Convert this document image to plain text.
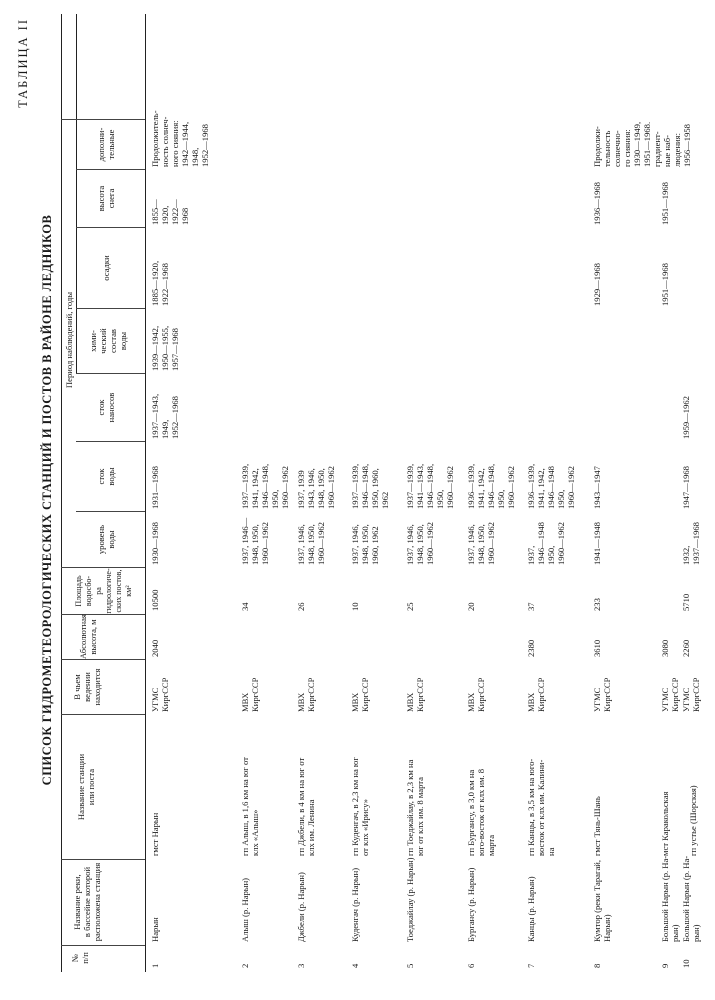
ТАБЛИЦА II
СПИСОК ГИДРОМЕТЕОРОЛОГИЧЕСКИХ СТАНЦИЙ И ПОСТОВ В РАЙОНЕ ЛЕДНИКОВ
№
п/п
Название реки,
в бассейне которой
расположена станция
Название станции
или поста
В чьем
ведении
находится
Абсолютная
высота, м
Площадь водосбо-
ра гидрологиче-
ских постов, км²
Период наблюдений, годы
уровень
воды
сток
воды
сток
наносов
хими-
ческий
состав
воды
осадки
высота
снега
дополни-
тельные
1
Нарын
гмст Нарын
УГМС
КиргССР
2040
10500
1930—1968
1931—1968
1937—1943,
1949,
1952—1968
1939—1942,
1950—1955,
1957—1968
1885—1920,
1922—1968
1855—
1920,
1922—
1968
Продолжитель-
ность солнеч-
ного сияния:
1942—1944,
1948,
1952—1968
2
Алыш (р. Нарын)
гп Алыш, в 1,6 км на юг от
клх «Алыш»
МВХ
КиргССР
34
1937, 1946—
1948, 1950,
1960—1962
1937—1939,
1941, 1942,
1946—1948,
1950,
1960—1962
3
Джбели (р. Нарын)
гп Джбели, в 4 км на юг от
клх им. Ленина
МВХ
КиргССР
26
1937, 1946,
1948, 1950,
1960—1962
1937, 1939
1943, 1946,
1948, 1950,
1960—1962
4
Куденгач (р. Нарын)
гп Куденгач, в 2,3 км на юг
от клх «Ириcу»
МВХ
КиргССР
10
1937, 1946,
1948, 1950,
1960, 1962
1937—1939,
1946—1948,
1950, 1960,
1962
5
Тоеджайлау (р. Нарын)
гп Тоеджайлау, в 2,3 км на
юг от клх им. 8 марта
МВХ
КиргССР
25
1937, 1946,
1948, 1950,
1960—1962
1937—1939,
1941—1943,
1946—1948,
1950,
1960—1962
6
Бургансу (р. Нарын)
гп Бургансу, в 3,0 км на
юго-восток от клх им. 8
марта
МВХ
КиргССР
20
1937, 1946,
1948, 1950,
1960—1962
1936—1939,
1941, 1942,
1946—1948,
1950,
1960—1962
7
Канцы (р. Нарын)
гп Канцы, в 3,5 км на юго-
восток от клх им. Калини-
на
МВХ
КиргССР
2380
37
1937,
1946—1948
1950,
1960—1962
1936—1939,
1941, 1942,
1946—1948
1950,
1960—1962
8
Кумтор (реки Тарагай,
Нарын)
гмст Тянь-Шань
УГМС
КиргССР
3610
233
1941—1948
1943—1947
1929—1968
1936—1968
Продолжи-
тельность
солнечно-
го сияния:
1930—1949,
1951—1968.
градиент-
ные наб-
людения:
1956—1958
9
Большой Нарын (р. На-
рын)
мст Каракольская
УГМС
КиргССР
3080
1951—1968
1951—1968
10
Большой Нарын (р. На-
рын)
гп устье (Шорская)
УГМС
КиргССР
2260
5710
1932,
1937—1968
1947—1968
1959—1962
